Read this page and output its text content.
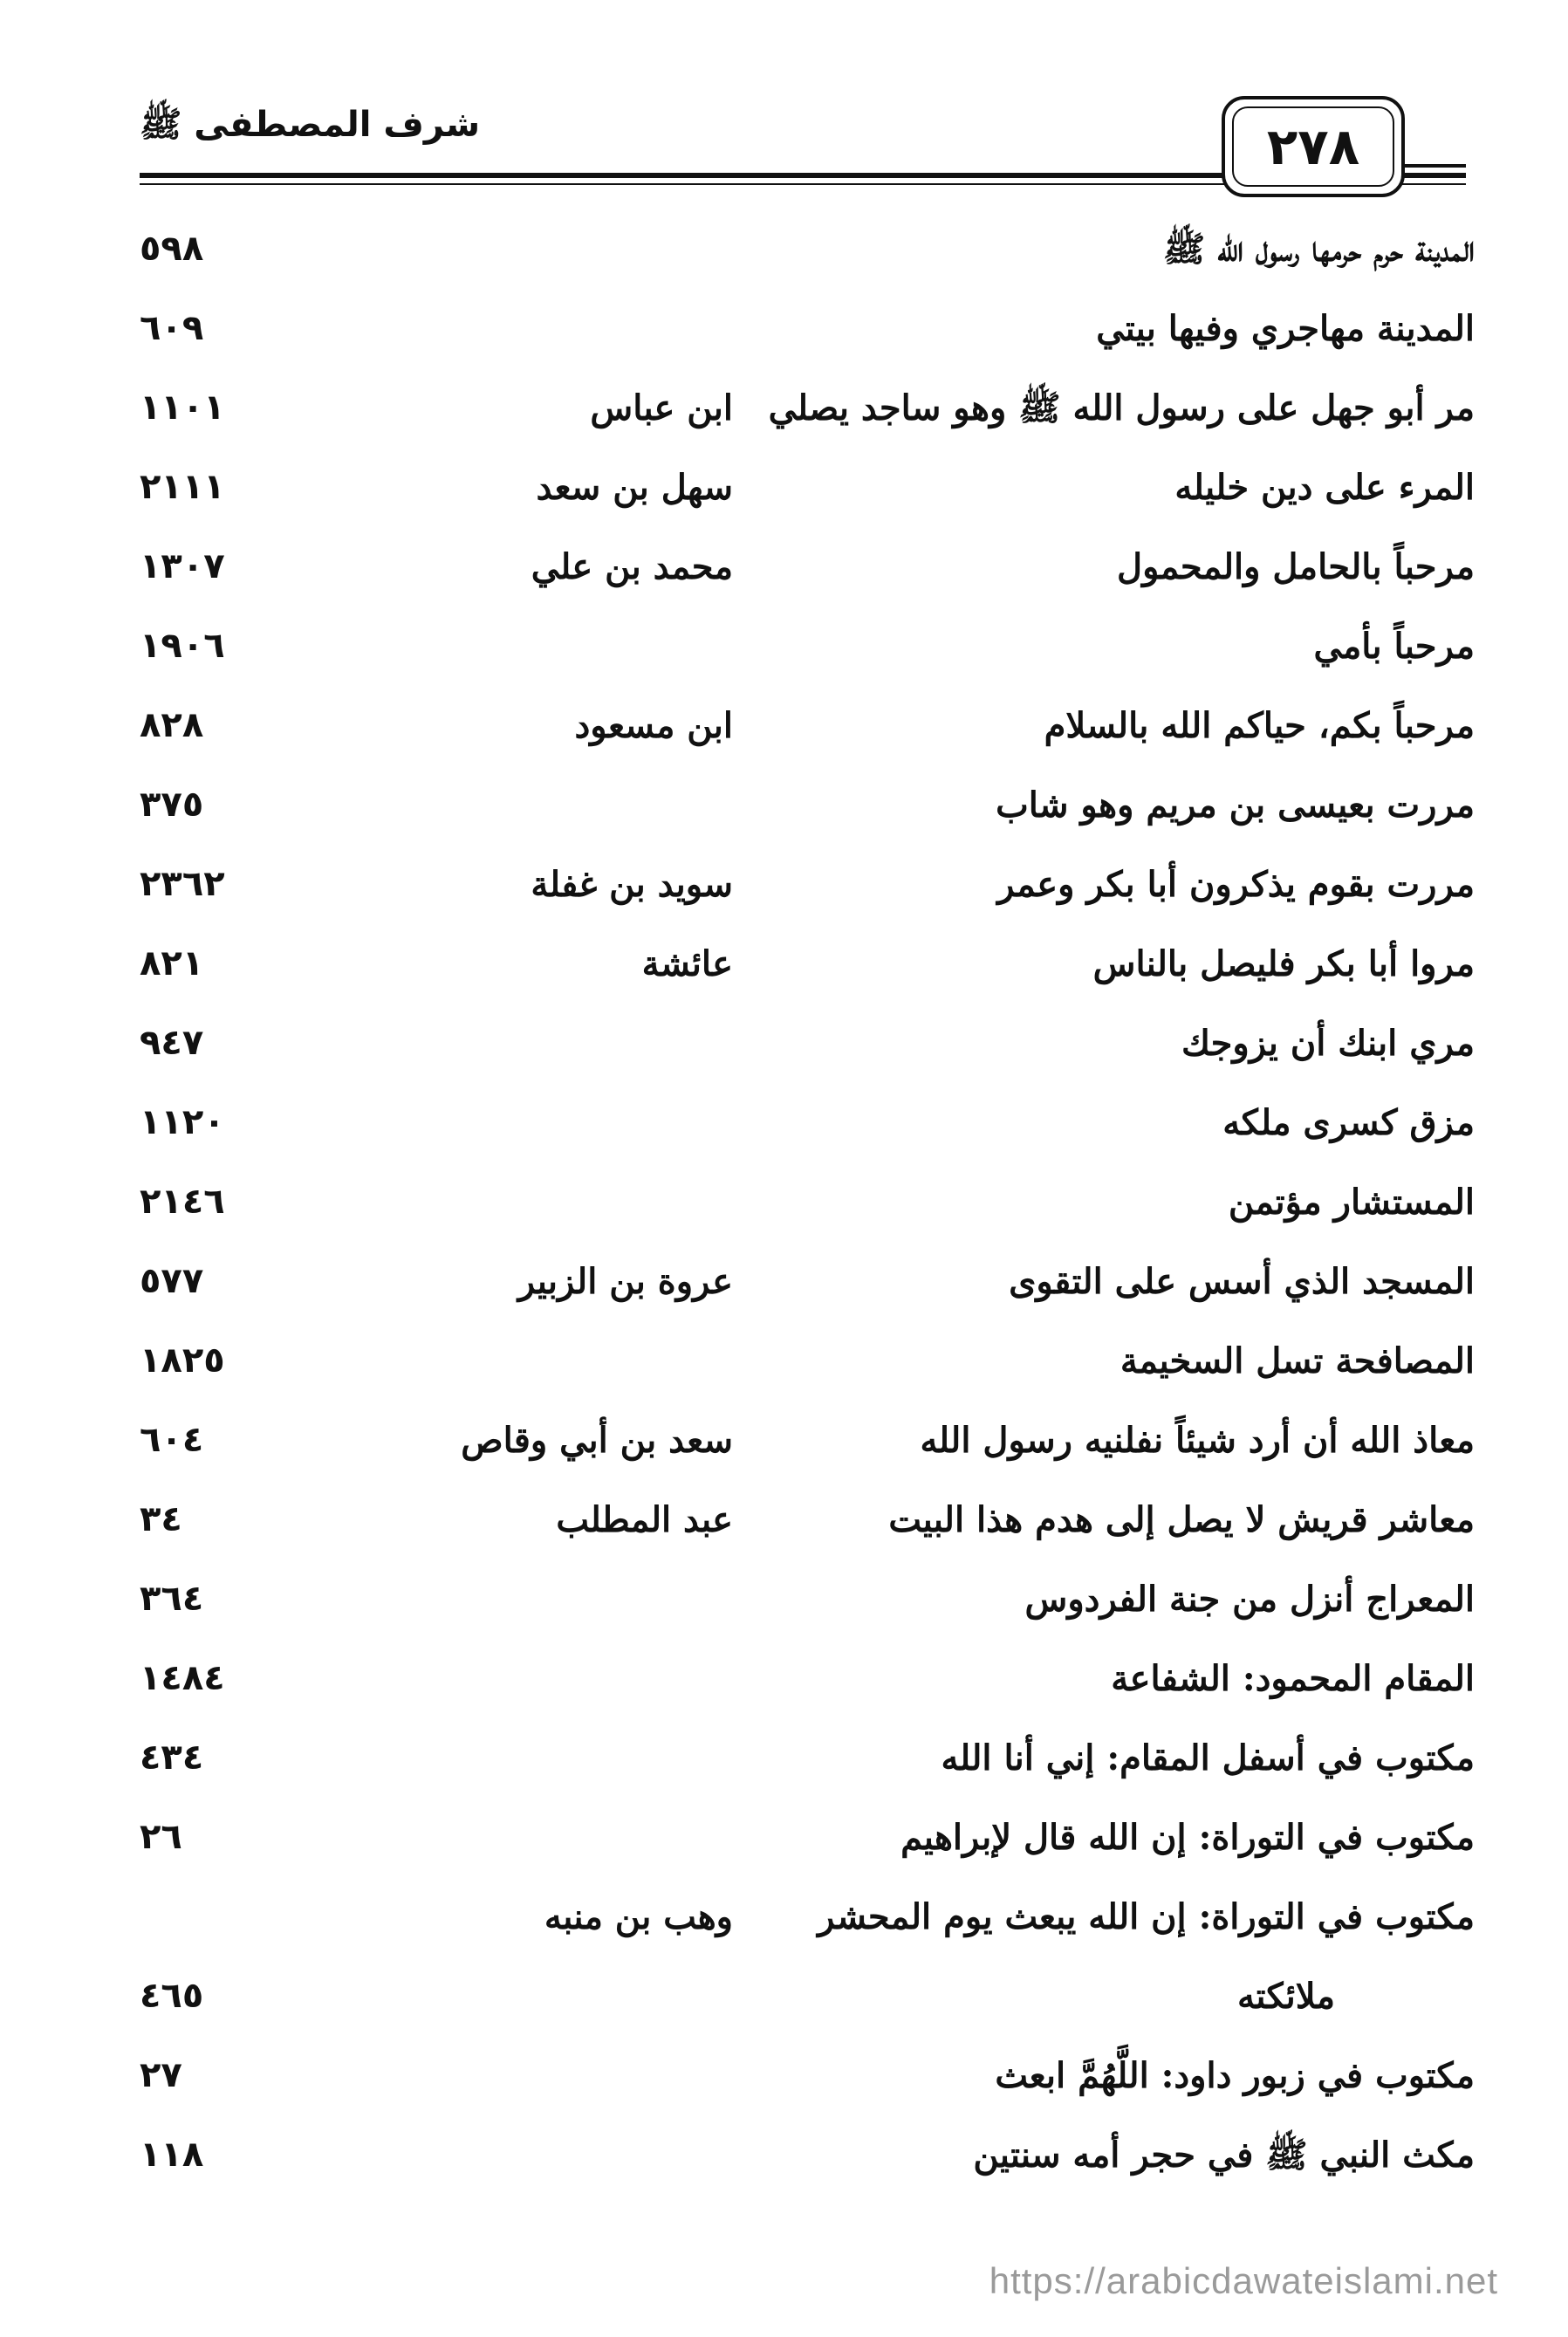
شرف المصطفى ﷺ	٢٧٨
المدينة حرم حرمها رسول الله ﷺ
٥٩٨
المدينة مهاجري وفيها بيتي
٦٠٩
مر أبو جهل على رسول الله ﷺ وهو ساجد يصلي
ابن عباس
١١٠١
المرء على دين خليله
سهل بن سعد
٢١١١
مرحباً بالحامل والمحمول
محمد بن علي
١٣٠٧
مرحباً بأمي
١٩٠٦
مرحباً بكم، حياكم الله بالسلام
ابن مسعود
٨٢٨
مررت بعيسى بن مريم وهو شاب
٣٧٥
مررت بقوم يذكرون أبا بكر وعمر
سويد بن غفلة
٢٣٦٢
مروا أبا بكر فليصل بالناس
عائشة
٨٢١
مري ابنك أن يزوجك
٩٤٧
مزق كسرى ملكه
١١٢٠
المستشار مؤتمن
٢١٤٦
المسجد الذي أسس على التقوى
عروة بن الزبير
٥٧٧
المصافحة تسل السخيمة
١٨٢٥
معاذ الله أن أرد شيئاً نفلنيه رسول الله
سعد بن أبي وقاص
٦٠٤
معاشر قريش لا يصل إلى هدم هذا البيت
عبد المطلب
٣٤
المعراج أنزل من جنة الفردوس
٣٦٤
المقام المحمود: الشفاعة
١٤٨٤
مكتوب في أسفل المقام: إني أنا الله
٤٣٤
مكتوب في التوراة: إن الله قال لإبراهيم
٢٦
مكتوب في التوراة: إن الله يبعث يوم المحشر
وهب بن منبه
ملائكته
٤٦٥
مكتوب في زبور داود: اللَّهُمَّ ابعث
٢٧
مكث النبي ﷺ في حجر أمه سنتين
١١٨
https://arabicdawateislami.net
